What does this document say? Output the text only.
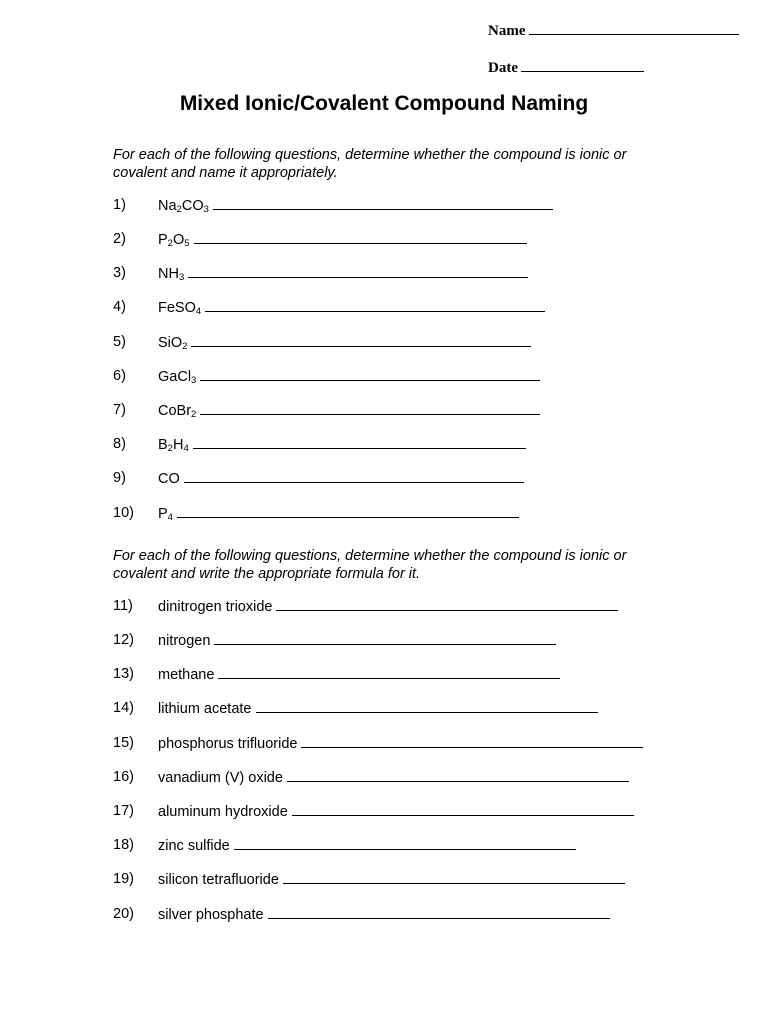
Name
Date
Mixed Ionic/Covalent Compound Naming
For each of the following questions, determine whether the compound is ionic or covalent and name it appropriately.
1) $Na_2CO_3$
2) $P_2O_5$
3) $NH_3$
4) FeSO$_4$
5) SiO$_2$
6) GaCl$_3$
7) CoBr$_2$
8) $B_2H_4$
9) CO
10) $P_4$
For each of the following questions, determine whether the compound is ionic or covalent and write the appropriate formula for it.
11) dinitrogen trioxide
12) nitrogen
13) methane
14) lithium acetate
15) phosphorus trifluoride
16) vanadium (V) oxide
17) aluminum hydroxide
18) zinc sulfide
19) silicon tetrafluoride
20) silver phosphate
